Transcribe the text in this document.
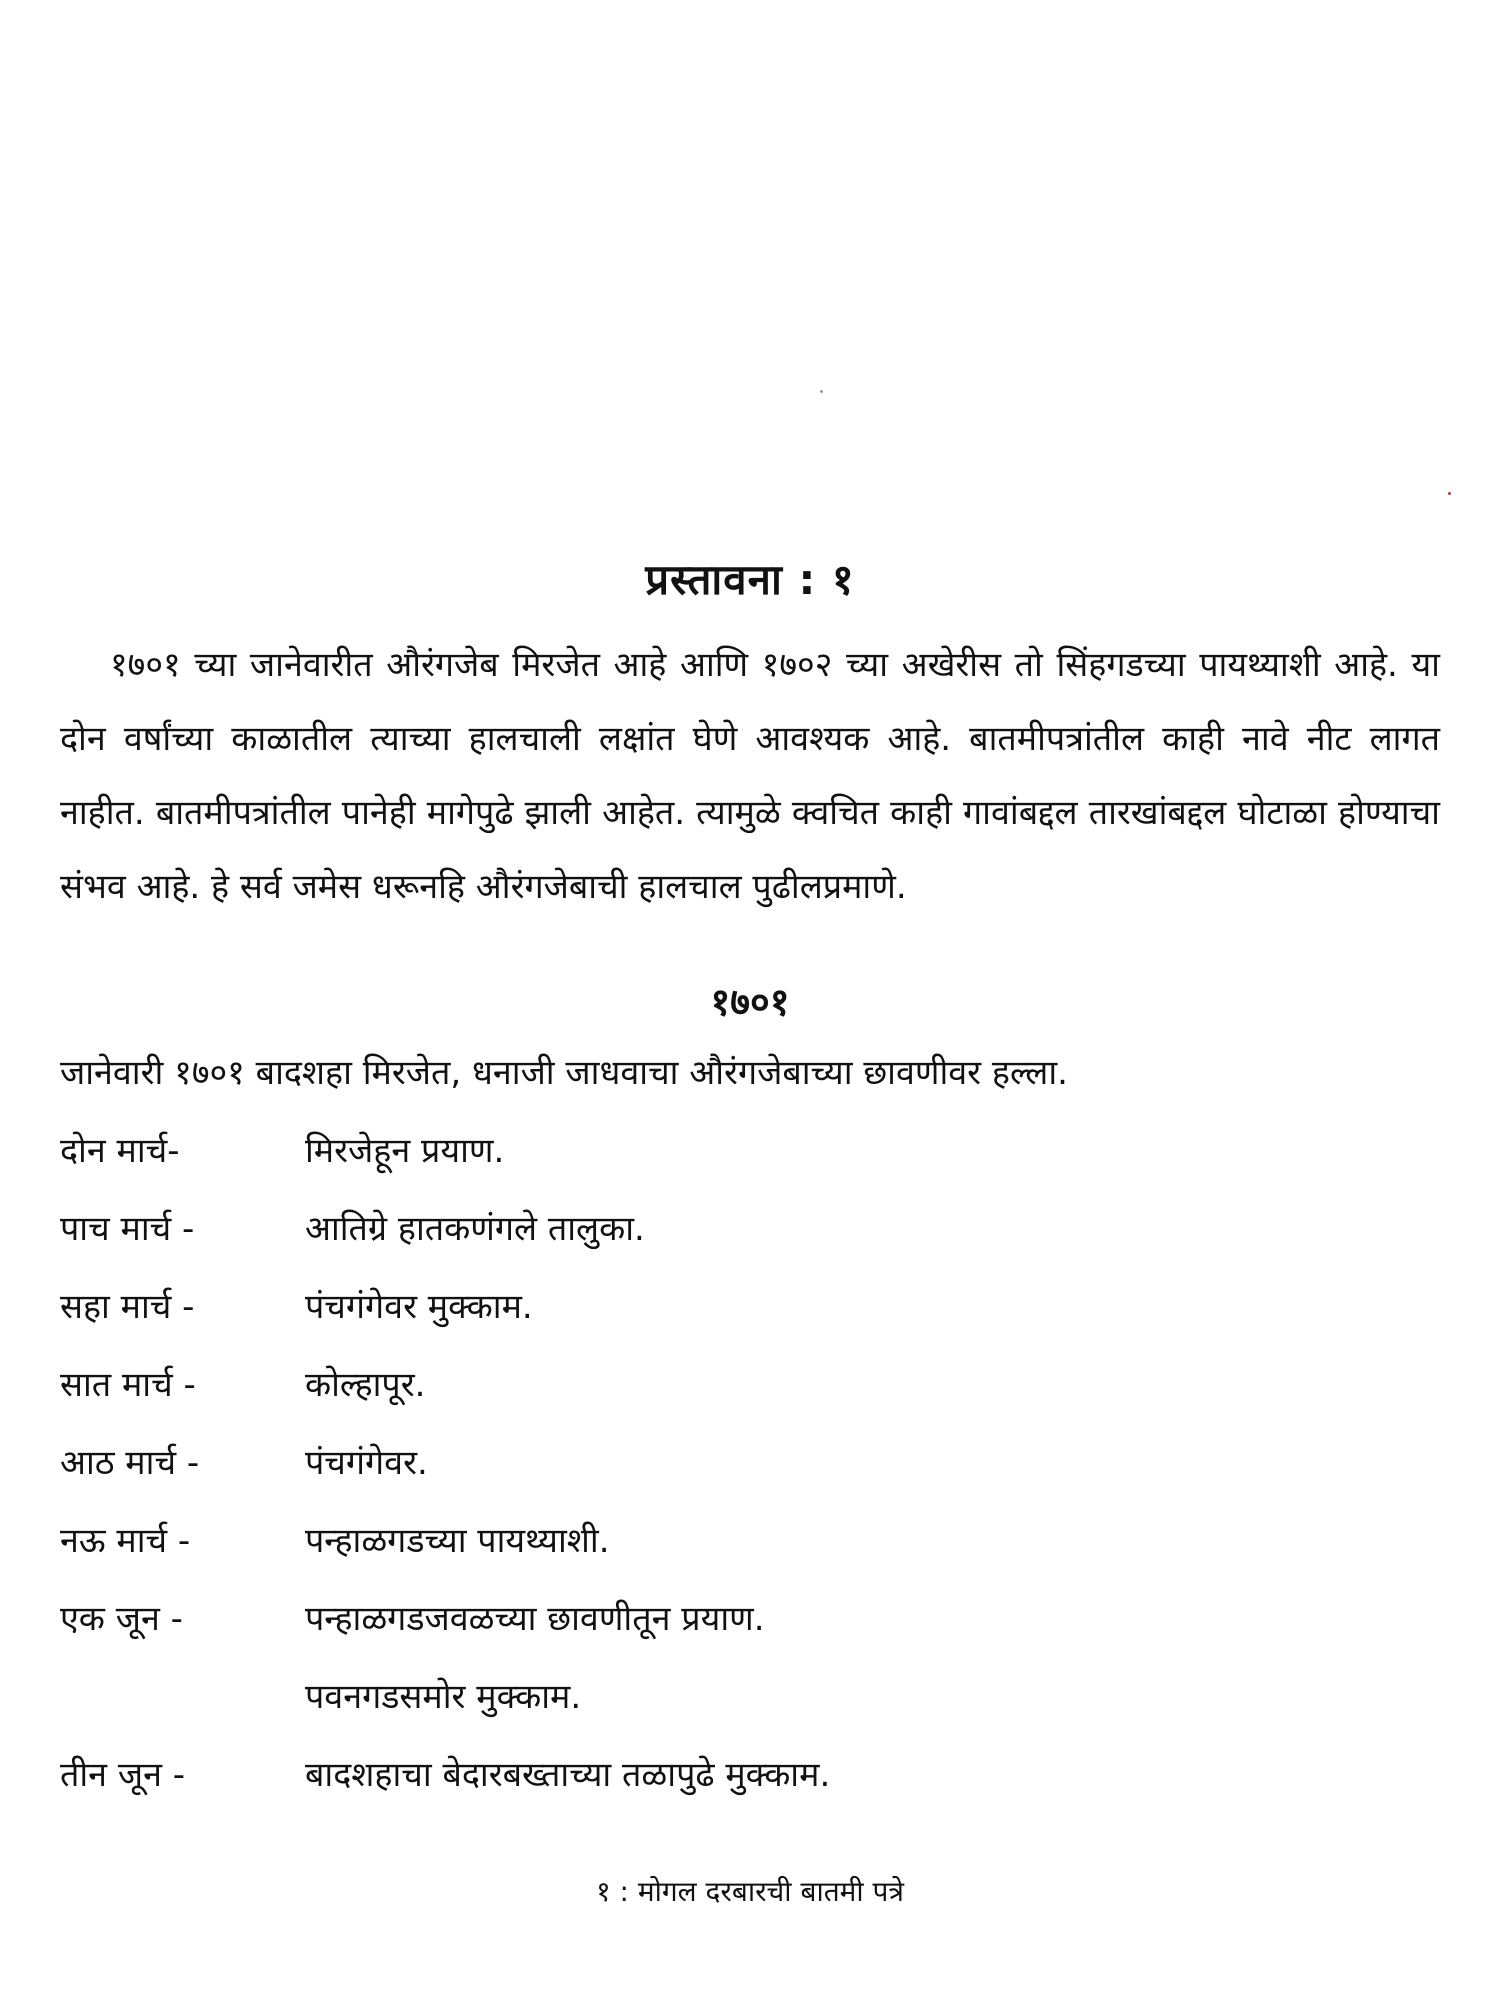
प्रस्तावना : १
१७०१ च्या जानेवारीत औरंगजेब मिरजेत आहे आणि १७०२ च्या अखेरीस तो सिंहगडच्या पायथ्याशी आहे. या दोन वर्षांच्या काळातील त्याच्या हालचाली लक्षांत घेणे आवश्यक आहे. बातमीपत्रांतील काही नावे नीट लागत नाहीत. बातमीपत्रांतील पानेही मागेपुढे झाली आहेत. त्यामुळे क्वचित काही गावांबद्दल तारखांबद्दल घोटाळा होण्याचा संभव आहे. हे सर्व जमेस धरूनहि औरंगजेबाची हालचाल पुढीलप्रमाणे.
१७०१
जानेवारी १७०१ बादशहा मिरजेत, धनाजी जाधवाचा औरंगजेबाच्या छावणीवर हल्ला.
दोन मार्च-	मिरजेहून प्रयाण.
पाच मार्च -	आतिग्रे हातकणंगले तालुका.
सहा मार्च -	पंचगंगेवर मुक्काम.
सात मार्च -	कोल्हापूर.
आठ मार्च -	पंचगंगेवर.
नऊ मार्च -	पन्हाळगडच्या पायथ्याशी.
एक जून -	पन्हाळगडजवळच्या छावणीतून प्रयाण.
पवनगडसमोर मुक्काम.
तीन जून -	बादशहाचा बेदारबख्ताच्या तळापुढे मुक्काम.
१ : मोगल दरबारची बातमी पत्रे
